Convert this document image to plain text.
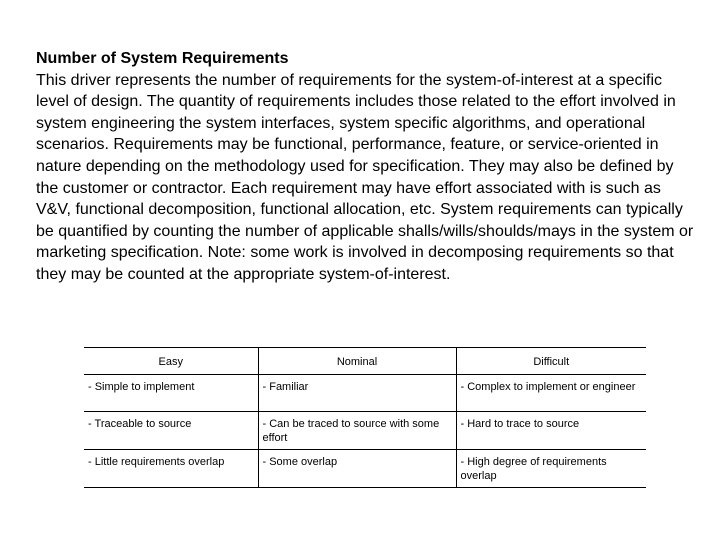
Number of System Requirements

This driver represents the number of requirements for the system-of-interest at a specific level of design. The quantity of requirements includes those related to the effort involved in system engineering the system interfaces, system specific algorithms, and operational scenarios. Requirements may be functional, performance, feature, or service-oriented in nature depending on the methodology used for specification. They may also be defined by the customer or contractor. Each requirement may have effort associated with is such as V&V, functional decomposition, functional allocation, etc. System requirements can typically be quantified by counting the number of applicable shalls/wills/shoulds/mays in the system or marketing specification. Note: some work is involved in decomposing requirements so that they may be counted at the appropriate system-of-interest.

Easy	Nominal	Difficult
- Simple to implement	- Familiar	- Complex to implement or engineer
- Traceable to source	- Can be traced to source with some effort	- Hard to trace to source
- Little requirements overlap	- Some overlap	- High degree of requirements overlap
